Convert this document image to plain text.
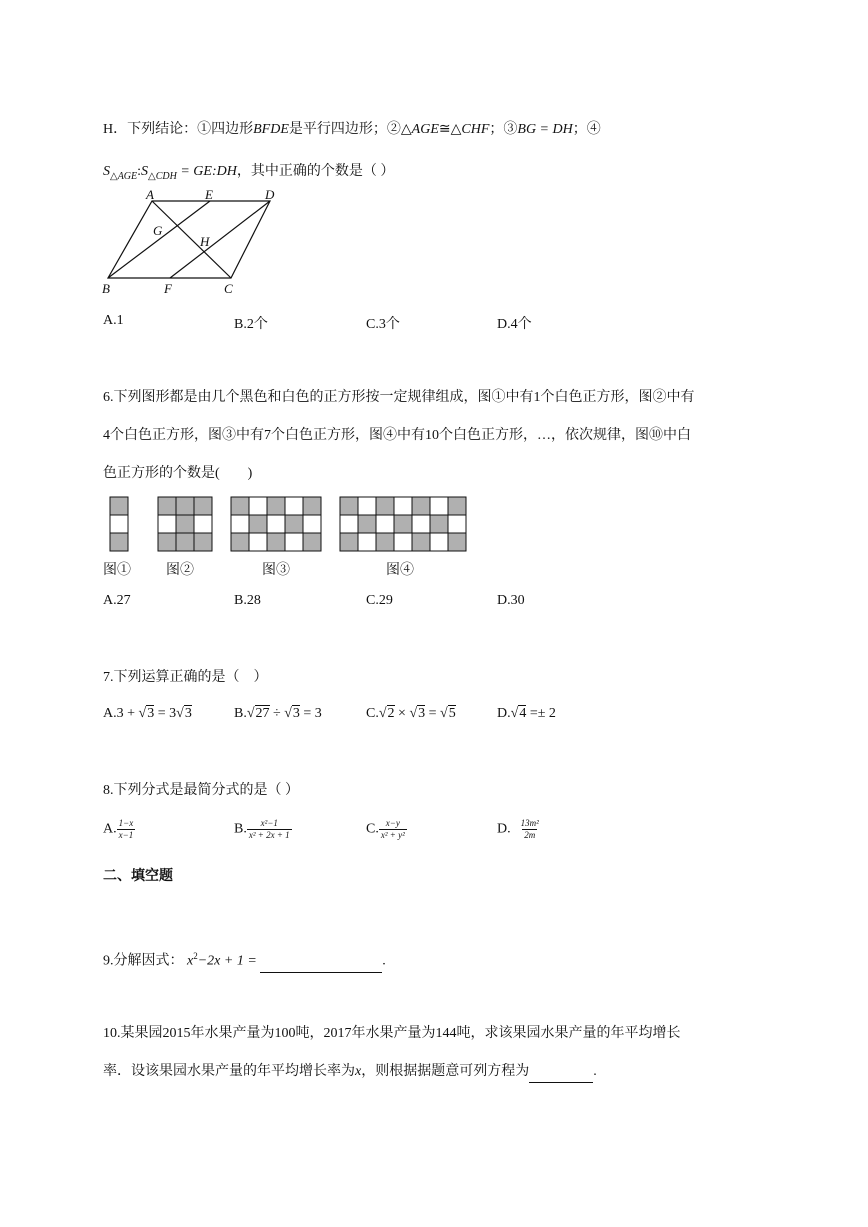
H．下列结论：①四边形BFDE是平行四边形；②△AGE≅△CHF；③BG = DH；④
$S_{\triangle AGE}:S_{\triangle CDH}$ = GE:DH，其中正确的个数是（ ）
A	E	D
G
H
B	F	C
A.1	B.2个	C.3个	D.4个
6.下列图形都是由几个黑色和白色的正方形按一定规律组成，图①中有1个白色正方形，图②中有
4个白色正方形，图③中有7个白色正方形，图④中有10个白色正方形，…，依次规律，图⑩中白
色正方形的个数是(　　)
图①	图②	图③	图④
A.27	B.28	C.29	D.30
7.下列运算正确的是（　）
A.3 + √3 = 3√3	B.√27 ÷ √3 = 3	C.√2 × √3 = √5	D.√4 =± 2
8.下列分式是最简分式的是（ ）
A. $\frac{1-x}{x-1}$	B. $\frac{\text{x²−1}}{\text{x² + 2x + 1}}$	C. $\frac{x-y}{\text{x² + y²}}$	D. $\frac{\text{13m²}}{2m}$
二、填空题
9.分解因式： $x^2-2x + 1$ =	.
10.某果园2015年水果产量为100吨，2017年水果产量为144吨，求该果园水果产量的年平均增长
率．设该果园水果产量的年平均增长率为x，则根据据题意可列方程为	.
